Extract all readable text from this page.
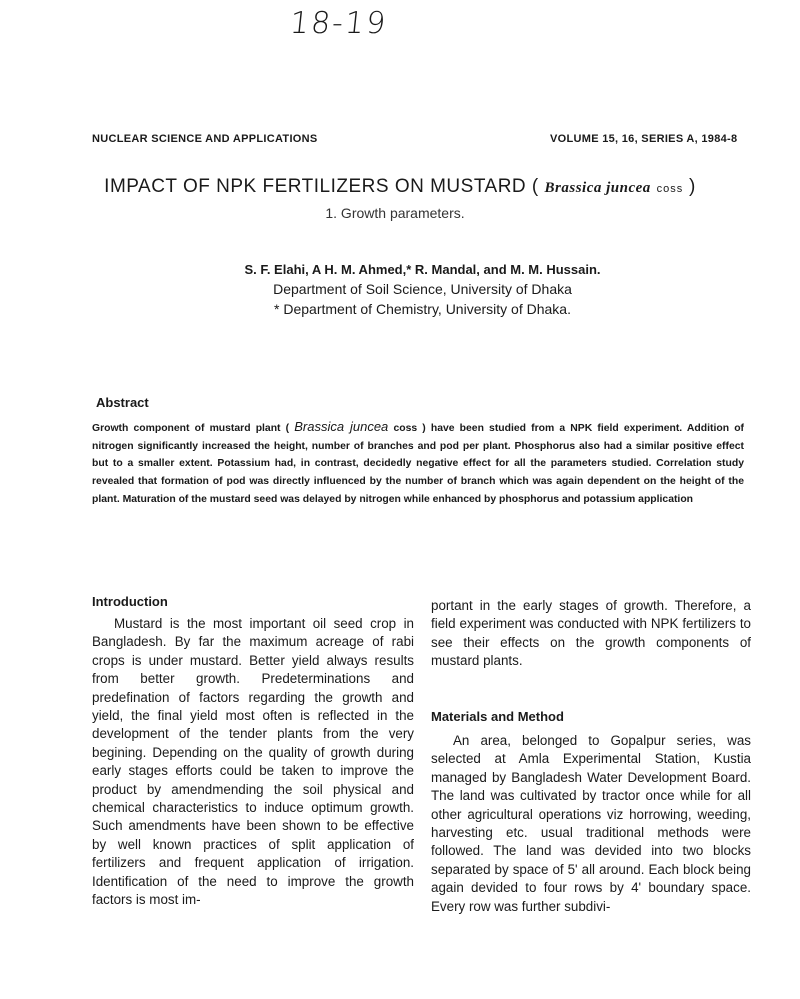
18-19
NUCLEAR SCIENCE AND APPLICATIONS	VOLUME 15, 16, SERIES A, 1984-8
IMPACT OF NPK FERTILIZERS ON MUSTARD ( Brassica juncea coss )
1. Growth parameters.
S. F. Elahi, A H. M. Ahmed,* R. Mandal, and M. M. Hussain.
Department of Soil Science, University of Dhaka
* Department of Chemistry, University of Dhaka.
Abstract
Growth component of mustard plant ( Brassica juncea coss ) have been studied from a NPK field experiment. Addition of nitrogen significantly increased the height, number of branches and pod per plant. Phosphorus also had a similar positive effect but to a smaller extent. Potassium had, in contrast, decidedly negative effect for all the parameters studied. Correlation study revealed that formation of pod was directly influenced by the number of branch which was again dependent on the height of the plant. Maturation of the mustard seed was delayed by nitrogen while enhanced by phosphorus and potassium application
Introduction

Mustard is the most important oil seed crop in Bangladesh. By far the maximum acreage of rabi crops is under mustard. Better yield always results from better growth. Predeterminations and predefination of factors regarding the growth and yield, the final yield most often is reflected in the development of the tender plants from the very begining. Depending on the quality of growth during early stages efforts could be taken to improve the product by amendmending the soil physical and chemical characteristics to induce optimum growth. Such amendments have been shown to be effective by well known practices of split application of fertilizers and frequent application of irrigation. Identification of the need to improve the growth factors is most im-

portant in the early stages of growth. Therefore, a field experiment was conducted with NPK fertilizers to see their effects on the growth components of mustard plants.

Materials and Method

An area, belonged to Gopalpur series, was selected at Amla Experimental Station, Kustia managed by Bangladesh Water Development Board. The land was cultivated by tractor once while for all other agricultural operations viz horrowing, weeding, harvesting etc. usual traditional methods were followed. The land was devided into two blocks separated by space of 5' all around. Each block being again devided to four rows by 4' boundary space. Every row was further subdivi-
